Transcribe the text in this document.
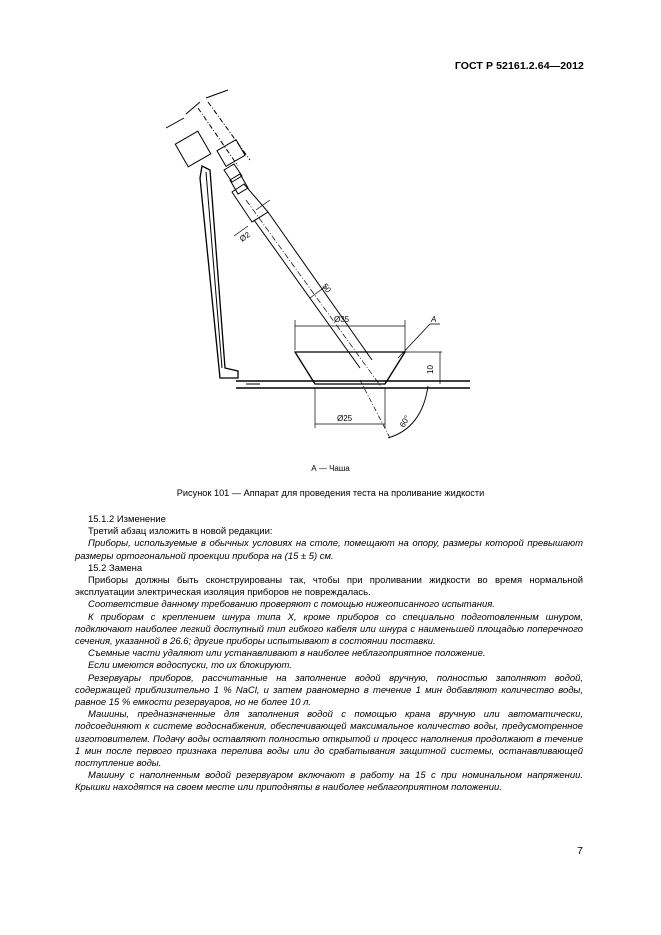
ГОСТ Р 52161.2.64—2012
A
Ø35
Ø25
10
60°
50
Ø2
А — Чаша
Рисунок 101 — Аппарат для проведения теста на проливание жидкости

15.1.2 Изменение

Третий абзац изложить в новой редакции:

Приборы, используемые в обычных условиях на столе, помещают на опору, размеры которой превышают размеры ортогональной проекции прибора на (15 ± 5) см.

15.2 Замена

Приборы должны быть сконструированы так, чтобы при проливании жидкости во время нормальной эксплуатации электрическая изоляция приборов не повреждалась.

Соответствие данному требованию проверяют с помощью нижеописанного испытания.

К приборам с креплением шнура типа X, кроме приборов со специально подготовленным шнуром, подключают наиболее легкий доступный тип гибкого кабеля или шнура с наименьшей площадью поперечного сечения, указанной в 26.6; другие приборы испытывают в состоянии поставки.

Съемные части удаляют или устанавливают в наиболее неблагоприятное положение.

Если имеются водоспуски, то их блокируют.

Резервуары приборов, рассчитанные на заполнение водой вручную, полностью заполняют водой, содержащей приблизительно 1 % NaCl, и затем равномерно в течение 1 мин добавляют количество воды, равное 15 % емкости резервуаров, но не более 10 л.

Машины, предназначенные для заполнения водой с помощью крана вручную или автоматически, подсоединяют к системе водоснабжения, обеспечивающей максимальное количество воды, предусмотренное изготовителем. Подачу воды оставляют полностью открытой и процесс наполнения продолжают в течение 1 мин после первого признака перелива воды или до срабатывания защитной системы, останавливающей поступление воды.

Машину с наполненным водой резервуаром включают в работу на 15 с при номинальном напряжении. Крышки находятся на своем месте или приподняты в наиболее неблагоприятном положении.

7
